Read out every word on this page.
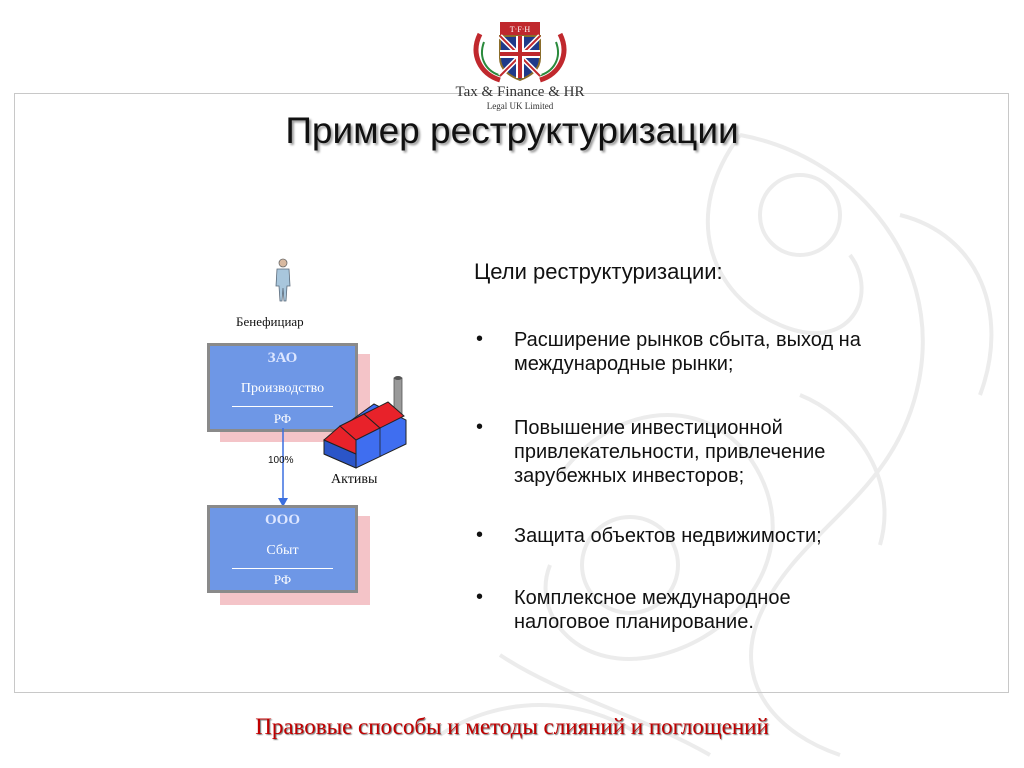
T·F·H
Tax & Finance & HR
Legal UK Limited
Пример реструктуризации
Бенефициар
ЗАО
Производство
РФ
100%
Активы
ООО
Сбыт
РФ
Цели реструктуризации:
• Расширение рынков сбыта, выход на
международные рынки;
• Повышение инвестиционной
привлекательности, привлечение
зарубежных инвесторов;
• Защита объектов недвижимости;
• Комплексное международное
налоговое планирование.
Правовые способы и методы слияний и поглощений
